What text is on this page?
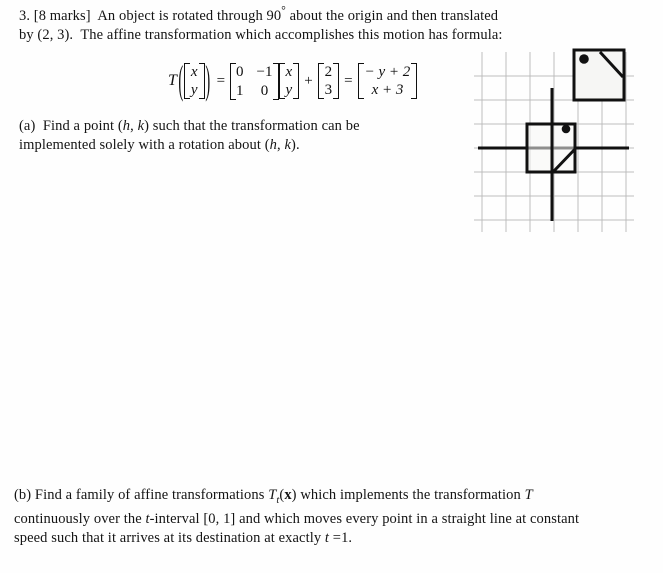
3. [8 marks]  An object is rotated through 90° about the origin and then translated
by (2, 3).  The affine transformation which accomplishes this motion has formula:
T ( x
y
)
=
0 −1
1 0
x
y
+
2
3
=
− y + 2
x + 3
(a)  Find a point (h, k) such that the transformation can be
implemented solely with a rotation about (h, k).
(b) Find a family of affine transformations $T_t(x)$ which implements the transformation T
continuously over the t-interval [0, 1] and which moves every point in a straight line at constant
speed such that it arrives at its destination at exactly t =1.
